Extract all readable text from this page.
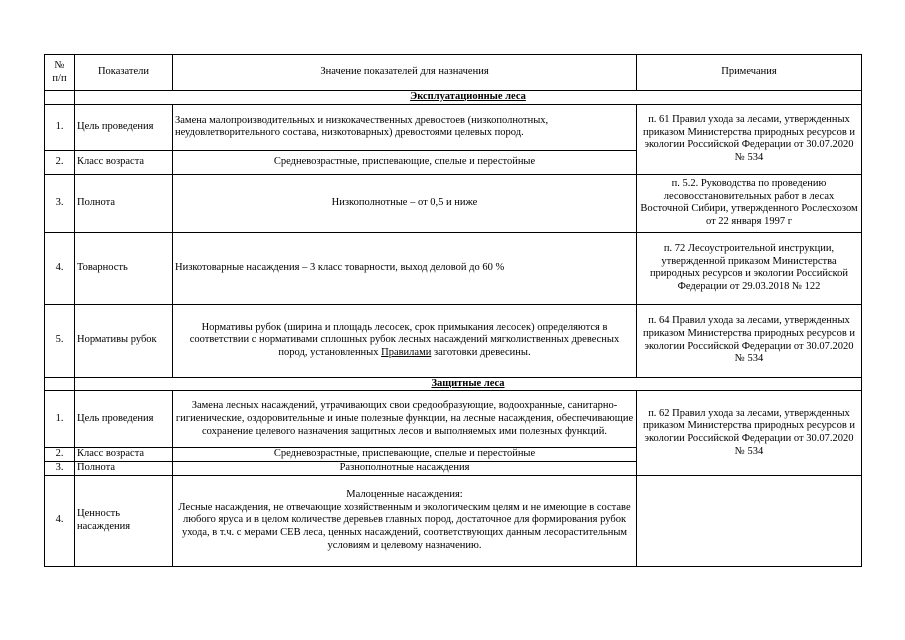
№
п/п	Показатели	Значение показателей для назначения	Примечания
	Эксплуатационные леса		
1.	Цель проведения	Замена малопроизводительных и низкокачественных древостоев (низкополнотных, неудовлетворительного состава, низкотоварных) древостоями целевых пород.	п. 61 Правил ухода за лесами, утвержденных приказом Министерства природных ресурсов и экологии Российской Федерации от 30.07.2020 № 534
2.	Класс возраста	Средневозрастные, приспевающие, спелые и перестойные	
3.	Полнота	Низкополнотные – от 0,5 и ниже	п. 5.2. Руководства по проведению лесовосстановительных работ в лесах Восточной Сибири, утвержденного Рослесхозом от 22 января 1997 г
4.	Товарность	Низкотоварные насаждения – 3 класс товарности, выход деловой до 60 %	п. 72 Лесоустроительной инструкции, утвержденной приказом Министерства природных ресурсов и экологии Российской Федерации от 29.03.2018 № 122
5.	Нормативы рубок	Нормативы рубок (ширина и площадь лесосек, срок примыкания лесосек) определяются в соответствии с нормативами сплошных рубок лесных насаждений мягколиственных древесных пород, установленных Правилами заготовки древесины.	п. 64 Правил ухода за лесами, утвержденных приказом Министерства природных ресурсов и экологии Российской Федерации от 30.07.2020 № 534
	Защитные леса		
1.	Цель проведения	Замена лесных насаждений, утрачивающих свои средообразующие, водоохранные, санитарно-гигиенические, оздоровительные и иные полезные функции, на лесные насаждения, обеспечивающие сохранение целевого назначения защитных лесов и выполняемых ими полезных функций.	п. 62 Правил ухода за лесами, утвержденных приказом Министерства природных ресурсов и экологии Российской Федерации от 30.07.2020 № 534
2.	Класс возраста	Средневозрастные, приспевающие, спелые и перестойные	
3.	Полнота	Разнополнотные насаждения	
4.	Ценность насаждения	Малоценные насаждения:
Лесные насаждения, не отвечающие хозяйственным и экологическим целям и не имеющие в составе любого яруса и в целом количестве деревьев главных пород, достаточное для формирования рубок ухода, в т.ч. с мерами СЕВ леса, ценных насаждений, соответствующих данным лесорастительным условиям и целевому назначению.	
